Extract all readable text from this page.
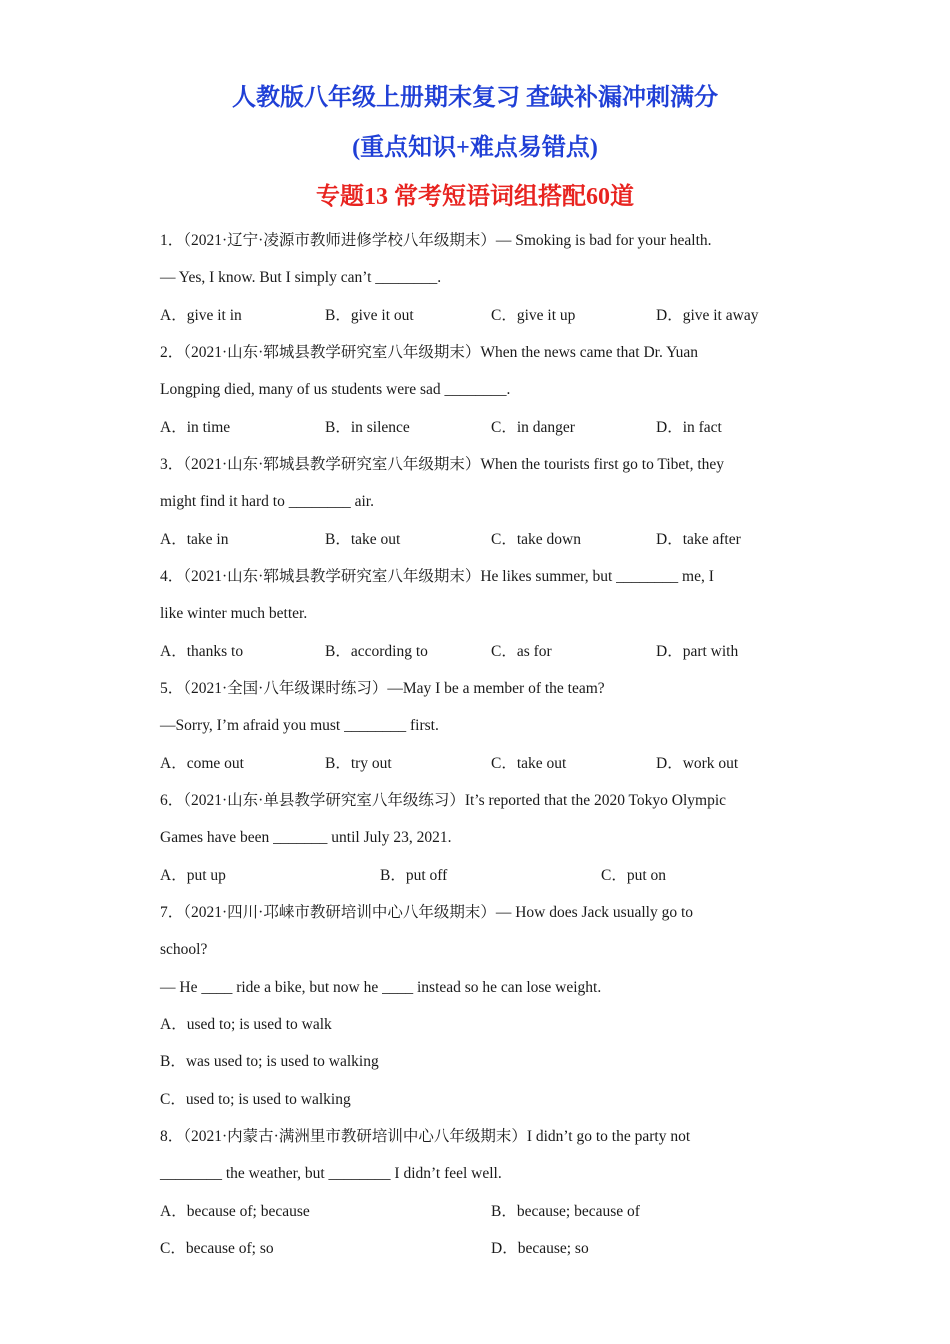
人教版八年级上册期末复习 查缺补漏冲刺满分
(重点知识+难点易错点)
专题13 常考短语词组搭配60道
1．（2021·辽宁·凌源市教师进修学校八年级期末）— Smoking is bad for your health.
— Yes, I know. But I simply can’t ________.
A．give it in	B．give it out	C．give it up	D．give it away
2．（2021·山东·郓城县教学研究室八年级期末）When the news came that Dr. Yuan
Longping died, many of us students were sad ________.
A．in time	B．in silence	C．in danger	D．in fact
3．（2021·山东·郓城县教学研究室八年级期末）When the tourists first go to Tibet, they
might find it hard to ________ air.
A．take in	B．take out	C．take down	D．take after
4．（2021·山东·郓城县教学研究室八年级期末）He likes summer, but ________ me, I
like winter much better.
A．thanks to	B．according to	C．as for	D．part with
5．（2021·全国·八年级课时练习）—May I be a member of the team?
—Sorry, I’m afraid you must ________ first.
A．come out	B．try out	C．take out	D．work out
6．（2021·山东·单县教学研究室八年级练习）It’s reported that the 2020 Tokyo Olympic
Games have been _______ until July 23, 2021.
A．put up	B．put off	C．put on
7．（2021·四川·邛崃市教研培训中心八年级期末）— How does Jack usually go to
school?
— He ____ ride a bike, but now he ____ instead so he can lose weight.
A．used to; is used to walk
B．was used to; is used to walking
C．used to; is used to walking
8．（2021·内蒙古·满洲里市教研培训中心八年级期末）I didn’t go to the party not
________ the weather, but ________ I didn’t feel well.
A．because of; because	B．because; because of
C．because of; so	D．because; so
